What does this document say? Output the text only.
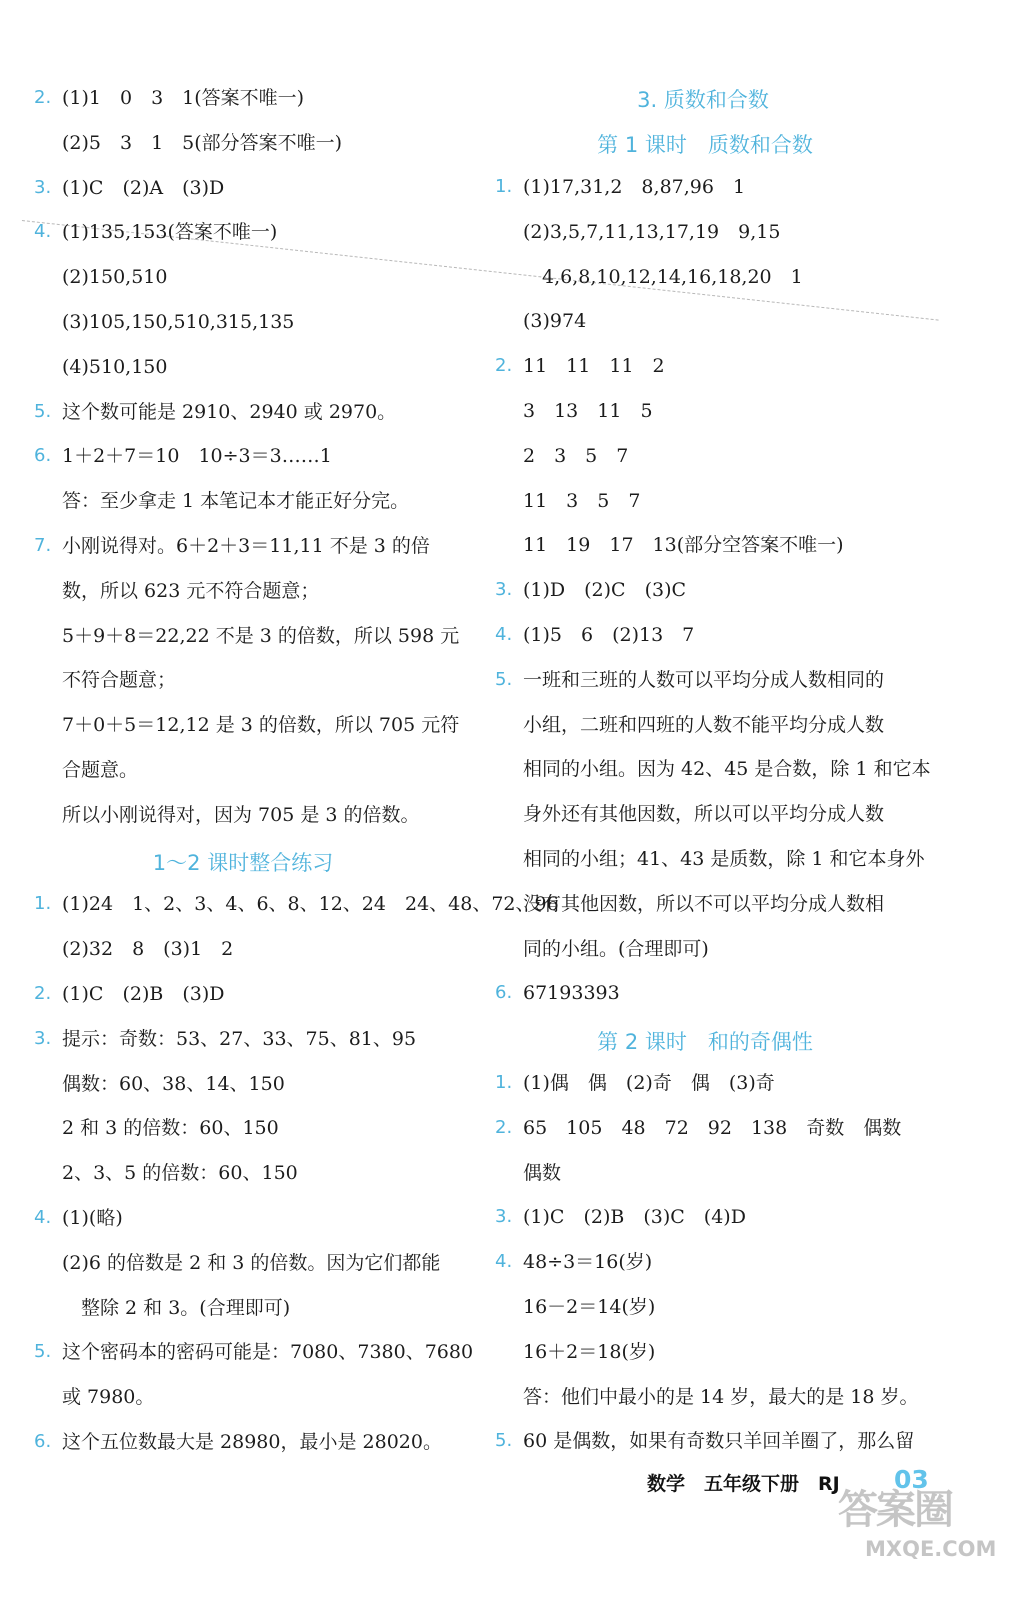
2. (1)1　0　3　1(答案不唯一)
(2)5　3　1　5(部分答案不唯一)
3. (1)C　(2)A　(3)D
4. (1)135,153(答案不唯一)
(2)150,510
(3)105,150,510,315,135
(4)510,150
5. 这个数可能是 2910、2940 或 2970。
6. 1＋2＋7＝10　10÷3＝3……1
答：至少拿走 1 本笔记本才能正好分完。
7. 小刚说得对。6＋2＋3＝11,11 不是 3 的倍
数，所以 623 元不符合题意；
5＋9＋8＝22,22 不是 3 的倍数，所以 598 元
不符合题意；
7＋0＋5＝12,12 是 3 的倍数，所以 705 元符
合题意。
所以小刚说得对，因为 705 是 3 的倍数。
1～2 课时整合练习
1. (1)24　1、2、3、4、6、8、12、24　24、48、72、96
(2)32　8　(3)1　2
2. (1)C　(2)B　(3)D
3. 提示：奇数：53、27、33、75、81、95
偶数：60、38、14、150
2 和 3 的倍数：60、150
2、3、5 的倍数：60、150
4. (1)(略)
(2)6 的倍数是 2 和 3 的倍数。因为它们都能
　整除 2 和 3。(合理即可)
5. 这个密码本的密码可能是：7080、7380、7680
或 7980。
6. 这个五位数最大是 28980，最小是 28020。
3. 质数和合数
第 1 课时　质数和合数
1. (1)17,31,2　8,87,96　1
(2)3,5,7,11,13,17,19　9,15
　4,6,8,10,12,14,16,18,20　1
(3)974
2. 11　11　11　2
3　13　11　5
2　3　5　7
11　3　5　7
11　19　17　13(部分空答案不唯一)
3. (1)D　(2)C　(3)C
4. (1)5　6　(2)13　7
5. 一班和三班的人数可以平均分成人数相同的
小组，二班和四班的人数不能平均分成人数
相同的小组。因为 42、45 是合数，除 1 和它本
身外还有其他因数，所以可以平均分成人数
相同的小组；41、43 是质数，除 1 和它本身外
没有其他因数，所以不可以平均分成人数相
同的小组。(合理即可)
6. 67193393
第 2 课时　和的奇偶性
1. (1)偶　偶　(2)奇　偶　(3)奇
2. 65　105　48　72　92　138　奇数　偶数
偶数
3. (1)C　(2)B　(3)C　(4)D
4. 48÷3＝16(岁)
16－2＝14(岁)
16＋2＝18(岁)
答：他们中最小的是 14 岁，最大的是 18 岁。
5. 60 是偶数，如果有奇数只羊回羊圈了，那么留
数学　五年级下册　RJ 03
答案圈
MXQE.COM
